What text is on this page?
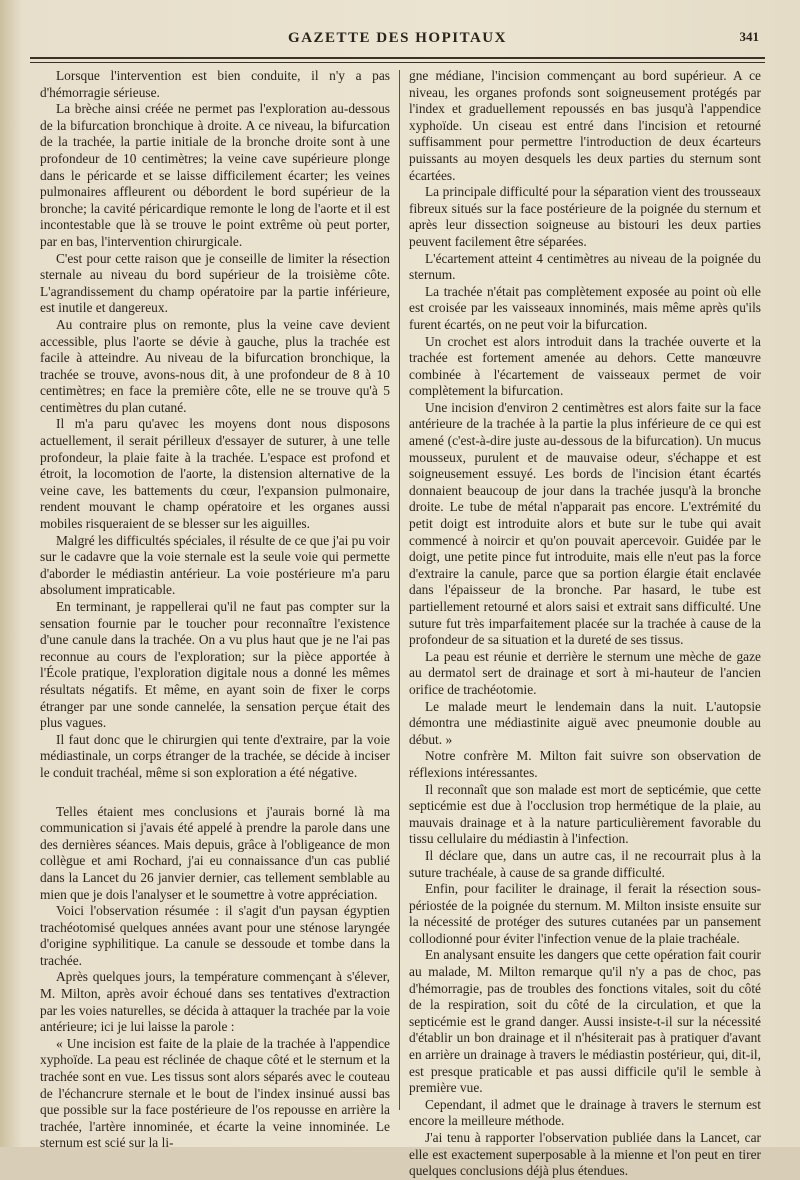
GAZETTE DES HOPITAUX	341

Lorsque l'intervention est bien conduite, il n'y a pas d'hémorragie sérieuse.

La brèche ainsi créée ne permet pas l'exploration au-dessous de la bifurcation bronchique à droite. A ce niveau, la bifurcation de la trachée, la partie initiale de la bronche droite sont à une profondeur de 10 centimètres; la veine cave supérieure plonge dans le péricarde et se laisse difficilement écarter; les veines pulmonaires affleurent ou débordent le bord supérieur de la bronche; la cavité péricardique remonte le long de l'aorte et il est incontestable que là se trouve le point extrême où peut porter, par en bas, l'intervention chirurgicale.

C'est pour cette raison que je conseille de limiter la résection sternale au niveau du bord supérieur de la troisième côte. L'agrandissement du champ opératoire par la partie inférieure, est inutile et dangereux.

Au contraire plus on remonte, plus la veine cave devient accessible, plus l'aorte se dévie à gauche, plus la trachée est facile à atteindre. Au niveau de la bifurcation bronchique, la trachée se trouve, avons-nous dit, à une profondeur de 8 à 10 centimètres; en face la première côte, elle ne se trouve qu'à 5 centimètres du plan cutané.

Il m'a paru qu'avec les moyens dont nous disposons actuellement, il serait périlleux d'essayer de suturer, à une telle profondeur, la plaie faite à la trachée. L'espace est profond et étroit, la locomotion de l'aorte, la distension alternative de la veine cave, les battements du cœur, l'expansion pulmonaire, rendent mouvant le champ opératoire et les organes aussi mobiles risqueraient de se blesser sur les aiguilles.

Malgré les difficultés spéciales, il résulte de ce que j'ai pu voir sur le cadavre que la voie sternale est la seule voie qui permette d'aborder le médiastin antérieur. La voie postérieure m'a paru absolument impraticable.

En terminant, je rappellerai qu'il ne faut pas compter sur la sensation fournie par le toucher pour reconnaître l'existence d'une canule dans la trachée. On a vu plus haut que je ne l'ai pas reconnue au cours de l'exploration; sur la pièce apportée à l'École pratique, l'exploration digitale nous a donné les mêmes résultats négatifs. Et même, en ayant soin de fixer le corps étranger par une sonde cannelée, la sensation perçue était des plus vagues.

Il faut donc que le chirurgien qui tente d'extraire, par la voie médiastinale, un corps étranger de la trachée, se décide à inciser le conduit trachéal, même si son exploration a été négative.

Telles étaient mes conclusions et j'aurais borné là ma communication si j'avais été appelé à prendre la parole dans une des dernières séances. Mais depuis, grâce à l'obligeance de mon collègue et ami Rochard, j'ai eu connaissance d'un cas publié dans la Lancet du 26 janvier dernier, cas tellement semblable au mien que je dois l'analyser et le soumettre à votre appréciation.

Voici l'observation résumée : il s'agit d'un paysan égyptien trachéotomisé quelques années avant pour une sténose laryngée d'origine syphilitique. La canule se dessoude et tombe dans la trachée.

Après quelques jours, la température commençant à s'élever, M. Milton, après avoir échoué dans ses tentatives d'extraction par les voies naturelles, se décida à attaquer la trachée par la voie antérieure; ici je lui laisse la parole :

« Une incision est faite de la plaie de la trachée à l'appendice xyphoïde. La peau est réclinée de chaque côté et le sternum et la trachée sont en vue. Les tissus sont alors séparés avec le couteau de l'échancrure sternale et le bout de l'index insinué aussi bas que possible sur la face postérieure de l'os repousse en arrière la trachée, l'artère innominée, et écarte la veine innominée. Le sternum est scié sur la li-

gne médiane, l'incision commençant au bord supérieur. A ce niveau, les organes profonds sont soigneusement protégés par l'index et graduellement repoussés en bas jusqu'à l'appendice xyphoïde. Un ciseau est entré dans l'incision et retourné suffisamment pour permettre l'introduction de deux écarteurs puissants au moyen desquels les deux parties du sternum sont écartées.

La principale difficulté pour la séparation vient des trousseaux fibreux situés sur la face postérieure de la poignée du sternum et après leur dissection soigneuse au bistouri les deux parties peuvent facilement être séparées.

L'écartement atteint 4 centimètres au niveau de la poignée du sternum.

La trachée n'était pas complètement exposée au point où elle est croisée par les vaisseaux innominés, mais même après qu'ils furent écartés, on ne peut voir la bifurcation.

Un crochet est alors introduit dans la trachée ouverte et la trachée est fortement amenée au dehors. Cette manœuvre combinée à l'écartement de vaisseaux permet de voir complètement la bifurcation.

Une incision d'environ 2 centimètres est alors faite sur la face antérieure de la trachée à la partie la plus inférieure de ce qui est amené (c'est-à-dire juste au-dessous de la bifurcation). Un mucus mousseux, purulent et de mauvaise odeur, s'échappe et est soigneusement essuyé. Les bords de l'incision étant écartés donnaient beaucoup de jour dans la trachée jusqu'à la bronche droite. Le tube de métal n'apparait pas encore. L'extrémité du petit doigt est introduite alors et bute sur le tube qui avait commencé à noircir et qu'on pouvait apercevoir. Guidée par le doigt, une petite pince fut introduite, mais elle n'eut pas la force d'extraire la canule, parce que sa portion élargie était enclavée dans l'épaisseur de la bronche. Par hasard, le tube est partiellement retourné et alors saisi et extrait sans difficulté. Une suture fut très imparfaitement placée sur la trachée à cause de la profondeur de sa situation et la dureté de ses tissus.

La peau est réunie et derrière le sternum une mèche de gaze au dermatol sert de drainage et sort à mi-hauteur de l'ancien orifice de trachéotomie.

Le malade meurt le lendemain dans la nuit. L'autopsie démontra une médiastinite aiguë avec pneumonie double au début. »

Notre confrère M. Milton fait suivre son observation de réflexions intéressantes.

Il reconnaît que son malade est mort de septicémie, que cette septicémie est due à l'occlusion trop hermétique de la plaie, au mauvais drainage et à la nature particulièrement favorable du tissu cellulaire du médiastin à l'infection.

Il déclare que, dans un autre cas, il ne recourrait plus à la suture trachéale, à cause de sa grande difficulté.

Enfin, pour faciliter le drainage, il ferait la résection sous-périostée de la poignée du sternum. M. Milton insiste ensuite sur la nécessité de protéger des sutures cutanées par un pansement collodionné pour éviter l'infection venue de la plaie trachéale.

En analysant ensuite les dangers que cette opération fait courir au malade, M. Milton remarque qu'il n'y a pas de choc, pas d'hémorragie, pas de troubles des fonctions vitales, soit du côté de la respiration, soit du côté de la circulation, et que la septicémie est le grand danger. Aussi insiste-t-il sur la nécessité d'établir un bon drainage et il n'hésiterait pas à pratiquer d'avant en arrière un drainage à travers le médiastin postérieur, qui, dit-il, est presque praticable et pas aussi difficile qu'il le semble à première vue.

Cependant, il admet que le drainage à travers le sternum est encore la meilleure méthode.

J'ai tenu à rapporter l'observation publiée dans la Lancet, car elle est exactement superposable à la mienne et l'on peut en tirer quelques conclusions déjà plus étendues.
